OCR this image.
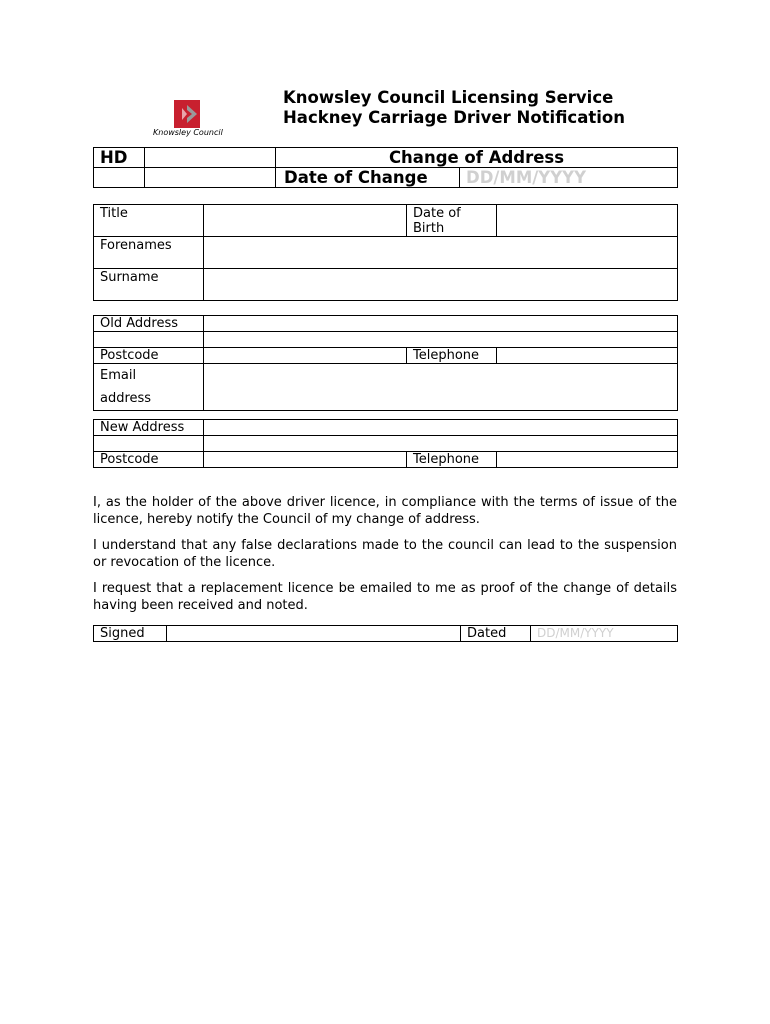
Knowsley Council
Knowsley Council Licensing Service
Hackney Carriage Driver Notification
HD		Change of Address	
		Date of Change	DD/MM/YYYY
Title		Date of
Birth	
Forenames			
Surname			
Old Address			

Postcode		Telephone	
Email
address			
New Address			

Postcode		Telephone	
I, as the holder of the above driver licence, in compliance with the terms of issue of the licence, hereby notify the Council of my change of address.
I understand that any false declarations made to the council can lead to the suspension or revocation of the licence.
I request that a replacement licence be emailed to me as proof of the change of details having been received and noted.
Signed		Dated	DD/MM/YYYY
